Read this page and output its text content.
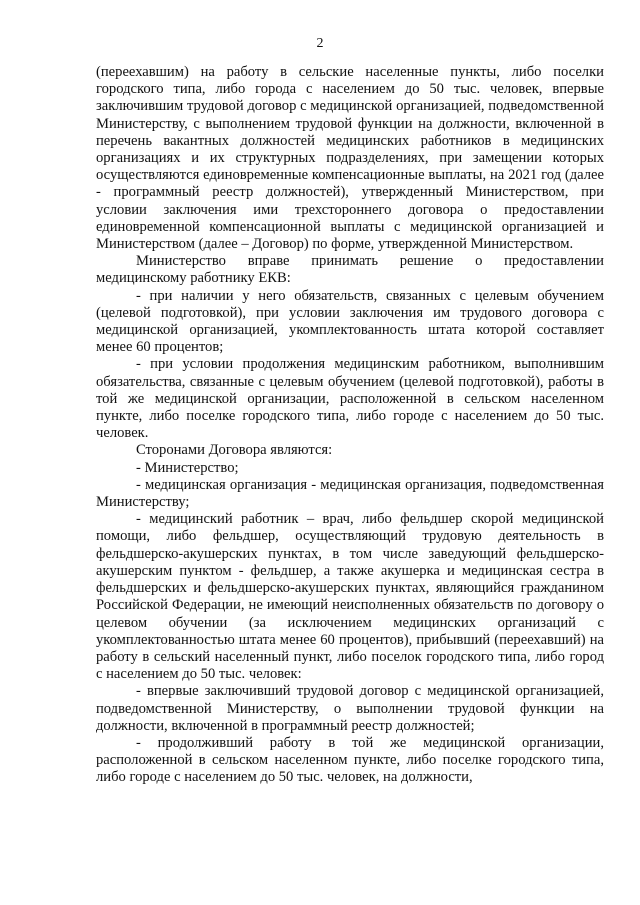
2

(переехавшим) на работу в сельские населенные пункты, либо поселки городского типа, либо города с населением до 50 тыс. человек, впервые заключившим трудовой договор с медицинской организацией, подведомственной Министерству, с выполнением трудовой функции на должности, включенной в перечень вакантных должностей медицинских работников в медицинских организациях и их структурных подразделениях, при замещении которых осуществляются единовременные компенсационные выплаты, на 2021 год (далее - программный реестр должностей), утвержденный Министерством, при условии заключения ими трехстороннего договора о предоставлении единовременной компенсационной выплаты с медицинской организацией и Министерством (далее – Договор) по форме, утвержденной Министерством.

Министерство вправе принимать решение о предоставлении медицинскому работнику ЕКВ:

- при наличии у него обязательств, связанных с целевым обучением (целевой подготовкой), при условии заключения им трудового договора с медицинской организацией, укомплектованность штата которой составляет менее 60 процентов;

- при условии продолжения медицинским работником, выполнившим обязательства, связанные с целевым обучением (целевой подготовкой), работы в той же медицинской организации, расположенной в сельском населенном пункте, либо поселке городского типа, либо городе с населением до 50 тыс. человек.

Сторонами Договора являются:

- Министерство;

- медицинская организация - медицинская организация, подведомственная Министерству;

- медицинский работник – врач, либо фельдшер скорой медицинской помощи, либо фельдшер, осуществляющий трудовую деятельность в фельдшерско-акушерских пунктах, в том числе заведующий фельдшерско-акушерским пунктом - фельдшер, а также акушерка и медицинская сестра в фельдшерских и фельдшерско-акушерских пунктах, являющийся гражданином Российской Федерации, не имеющий неисполненных обязательств по договору о целевом обучении (за исключением медицинских организаций с укомплектованностью штата менее 60 процентов), прибывший (переехавший) на работу в сельский населенный пункт, либо поселок городского типа, либо город с населением до 50 тыс. человек:

- впервые заключивший трудовой договор с медицинской организацией, подведомственной Министерству, о выполнении трудовой функции на должности, включенной в программный реестр должностей;

- продолживший работу в той же медицинской организации, расположенной в сельском населенном пункте, либо поселке городского типа, либо городе с населением до 50 тыс. человек, на должности,
